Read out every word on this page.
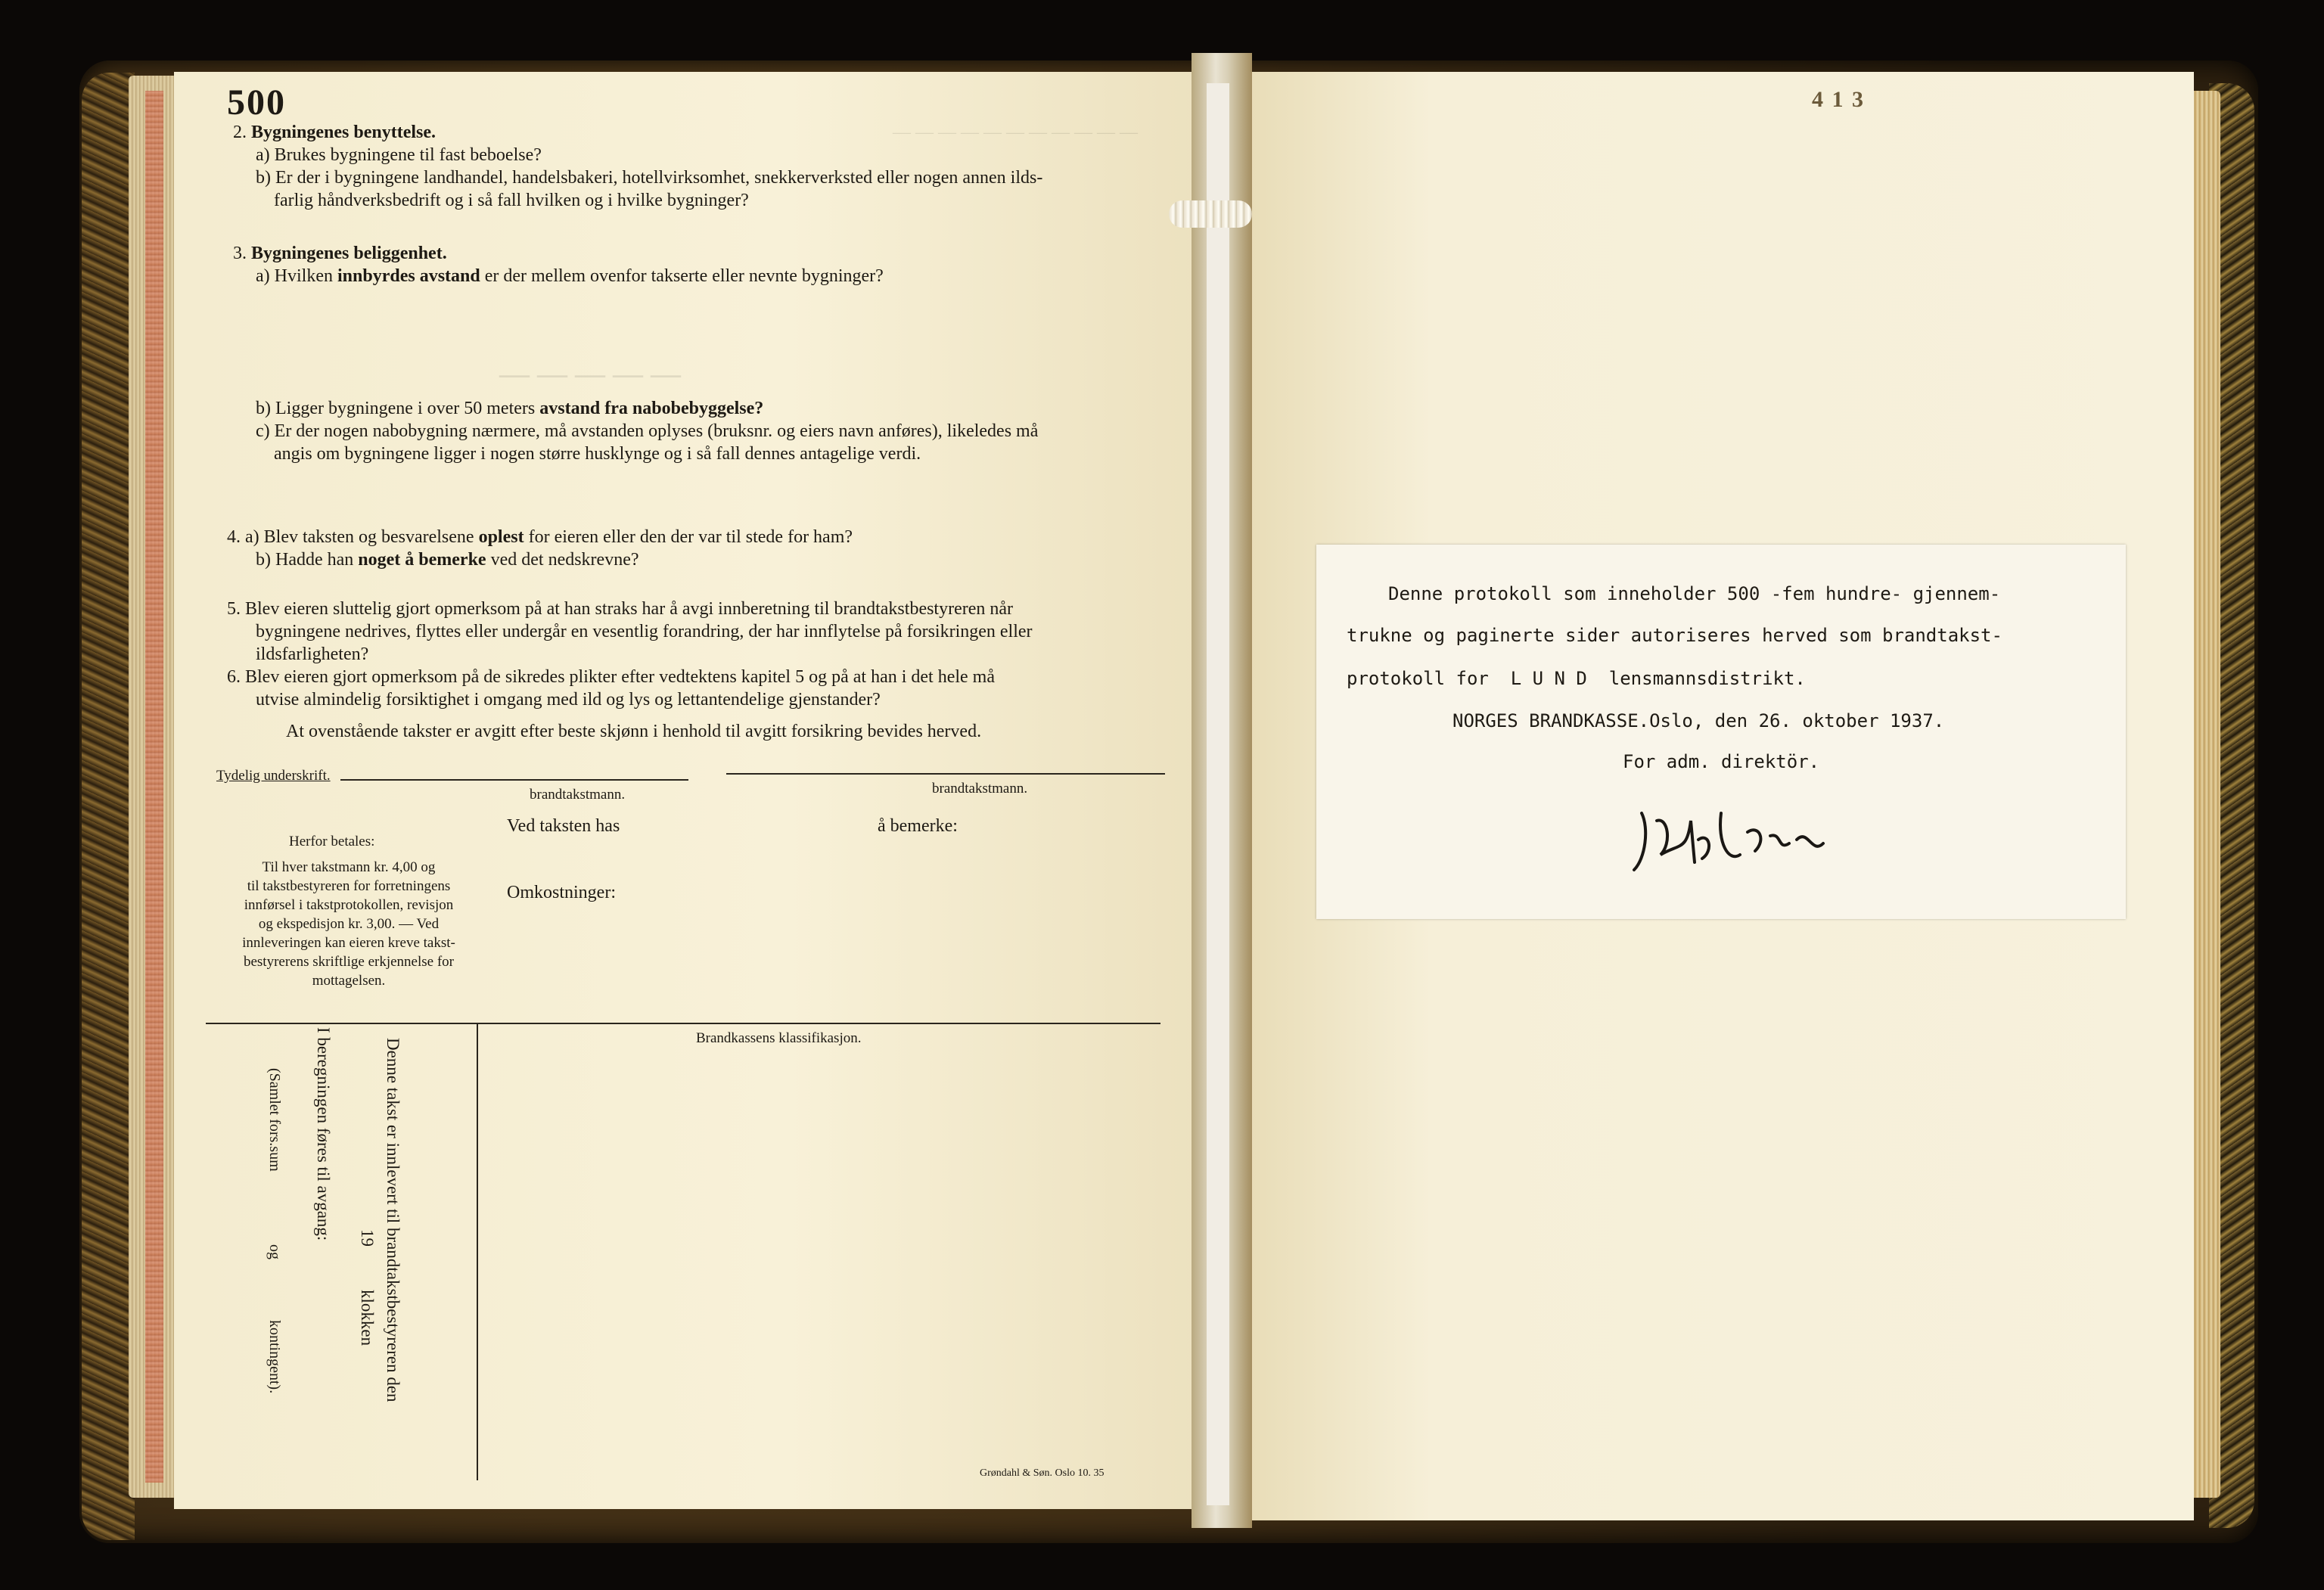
— — — — — — — — — — —
— — — — —
500
2. Bygningenes benyttelse.
a) Brukes bygningene til fast beboelse?
b) Er der i bygningene landhandel, handelsbakeri, hotellvirksomhet, snekkerverksted eller nogen annen ilds-
farlig håndverksbedrift og i så fall hvilken og i hvilke bygninger?
3. Bygningenes beliggenhet.
a) Hvilken innbyrdes avstand er der mellem ovenfor takserte eller nevnte bygninger?
b) Ligger bygningene i over 50 meters avstand fra nabobebyggelse?
c) Er der nogen nabobygning nærmere, må avstanden oplyses (bruksnr. og eiers navn anføres), likeledes må
angis om bygningene ligger i nogen større husklynge og i så fall dennes antagelige verdi.
4. a) Blev taksten og besvarelsene oplest for eieren eller den der var til stede for ham?
b) Hadde han noget å bemerke ved det nedskrevne?
5. Blev eieren sluttelig gjort opmerksom på at han straks har å avgi innberetning til brandtakstbestyreren når
bygningene nedrives, flyttes eller undergår en vesentlig forandring, der har innflytelse på forsikringen eller
ildsfarligheten?
6. Blev eieren gjort opmerksom på de sikredes plikter efter vedtektens kapitel 5 og på at han i det hele må
utvise almindelig forsiktighet i omgang med ild og lys og lettantendelige gjenstander?
At ovenstående takster er avgitt efter beste skjønn i henhold til avgitt forsikring bevides herved.
Tydelig underskrift.
brandtakstmann.	brandtakstmann.
Ved taksten has	å bemerke:
Omkostninger:
Herfor betales:
Til hver takstmann kr. 4,00 og
til takstbestyreren for forretningens
innførsel i takstprotokollen, revisjon
og ekspedisjon kr. 3,00. — Ved
innleveringen kan eieren kreve takst-
bestyrerens skriftlige erkjennelse for
mottagelsen.
Brandkassens klassifikasjon.
Denne takst er innlevert til brandtakstbestyreren den
19
klokken
I beregningen føres til avgang:
(Samlet fors.sum
og
kontingent).
Grøndahl & Søn. Oslo 10. 35
4 1 3
Denne protokoll som inneholder 500 -fem hundre- gjennem-
trukne og paginerte sider autoriseres herved som brandtakst-
protokoll for  L U N D  lensmannsdistrikt.
NORGES BRANDKASSE.Oslo, den 26. oktober 1937.
For adm. direktör.
